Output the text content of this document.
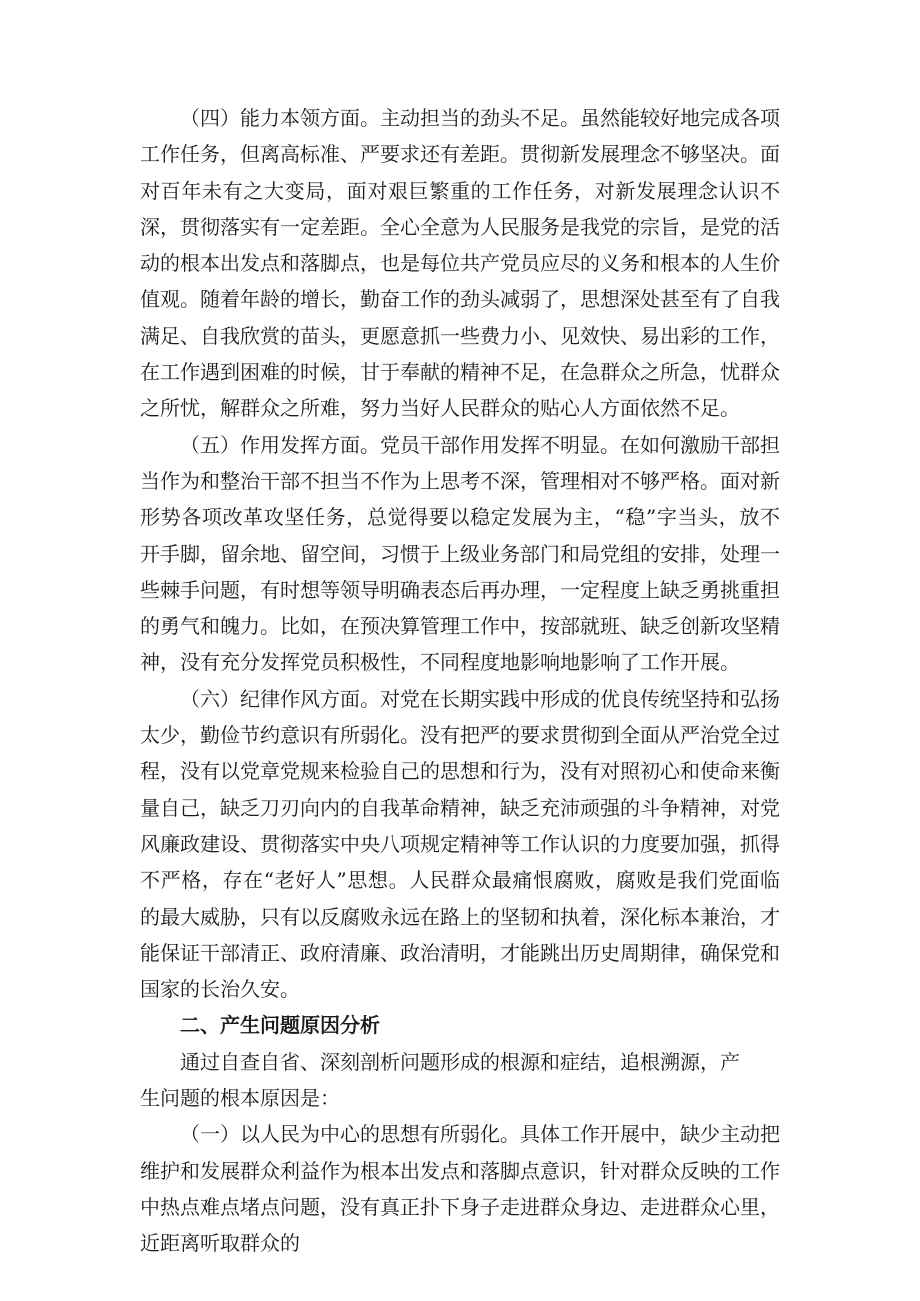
（四）能力本领方面。主动担当的劲头不足。虽然能较好地完成各项工作任务，但离高标准、严要求还有差距。贯彻新发展理念不够坚决。面对百年未有之大变局，面对艰巨繁重的工作任务，对新发展理念认识不深，贯彻落实有一定差距。全心全意为人民服务是我党的宗旨，是党的活动的根本出发点和落脚点，也是每位共产党员应尽的义务和根本的人生价值观。随着年龄的增长，勤奋工作的劲头减弱了，思想深处甚至有了自我满足、自我欣赏的苗头，更愿意抓一些费力小、见效快、易出彩的工作，在工作遇到困难的时候，甘于奉献的精神不足，在急群众之所急，忧群众之所忧，解群众之所难，努力当好人民群众的贴心人方面依然不足。

（五）作用发挥方面。党员干部作用发挥不明显。在如何激励干部担当作为和整治干部不担当不作为上思考不深，管理相对不够严格。面对新形势各项改革攻坚任务，总觉得要以稳定发展为主，“稳”字当头，放不开手脚，留余地、留空间，习惯于上级业务部门和局党组的安排，处理一些棘手问题，有时想等领导明确表态后再办理，一定程度上缺乏勇挑重担的勇气和魄力。比如，在预决算管理工作中，按部就班、缺乏创新攻坚精神，没有充分发挥党员积极性，不同程度地影响地影响了工作开展。

（六）纪律作风方面。对党在长期实践中形成的优良传统坚持和弘扬太少，勤俭节约意识有所弱化。没有把严的要求贯彻到全面从严治党全过程，没有以党章党规来检验自己的思想和行为，没有对照初心和使命来衡量自己，缺乏刀刃向内的自我革命精神，缺乏充沛顽强的斗争精神，对党风廉政建设、贯彻落实中央八项规定精神等工作认识的力度要加强，抓得不严格，存在“老好人”思想。人民群众最痛恨腐败，腐败是我们党面临的最大威胁，只有以反腐败永远在路上的坚韧和执着，深化标本兼治，才能保证干部清正、政府清廉、政治清明，才能跳出历史周期律，确保党和国家的长治久安。

二、产生问题原因分析

通过自查自省、深刻剖析问题形成的根源和症结，追根溯源，产生问题的根本原因是：

（一）以人民为中心的思想有所弱化。具体工作开展中，缺少主动把维护和发展群众利益作为根本出发点和落脚点意识，针对群众反映的工作中热点难点堵点问题，没有真正扑下身子走进群众身边、走进群众心里，近距离听取群众的
